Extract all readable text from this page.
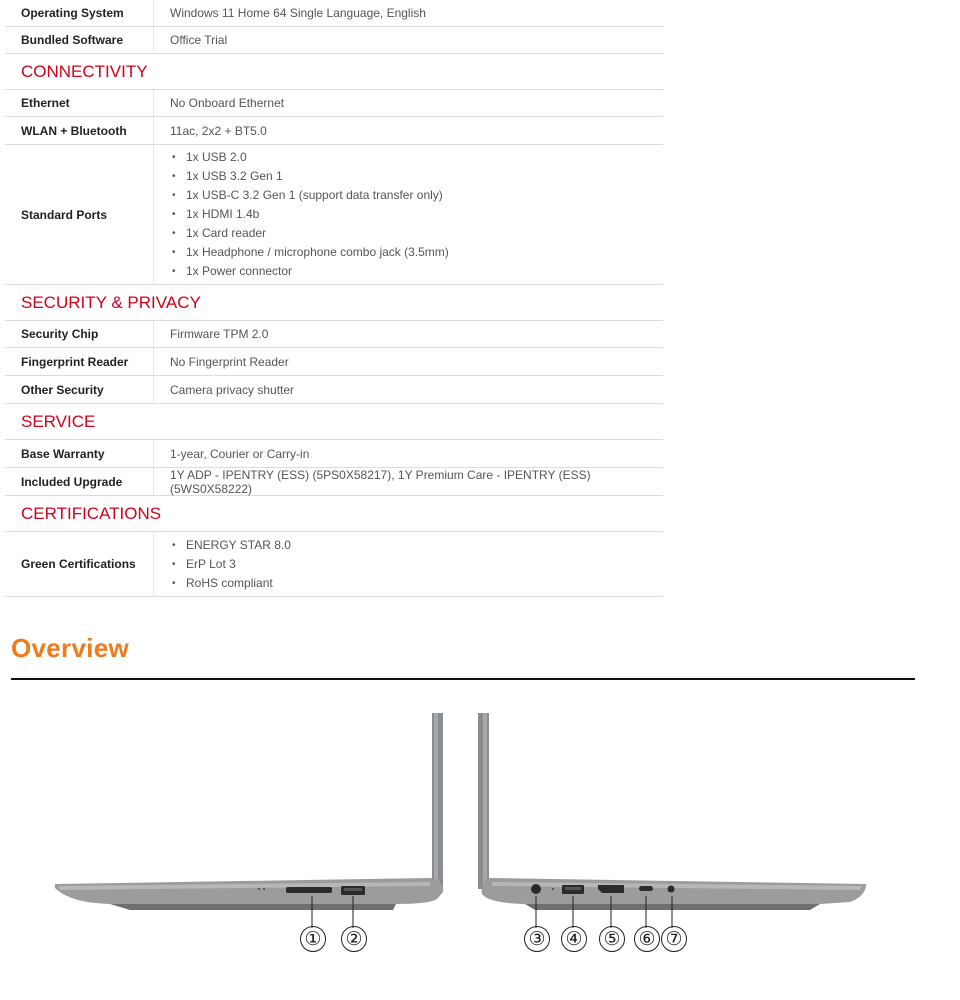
Operating System	Windows 11 Home 64 Single Language, English
Bundled Software	Office Trial
CONNECTIVITY
Ethernet	No Onboard Ethernet
WLAN + Bluetooth	11ac, 2x2 + BT5.0
Standard Ports
• 1x USB 2.0
• 1x USB 3.2 Gen 1
• 1x USB-C 3.2 Gen 1 (support data transfer only)
• 1x HDMI 1.4b
• 1x Card reader
• 1x Headphone / microphone combo jack (3.5mm)
• 1x Power connector
SECURITY & PRIVACY
Security Chip	Firmware TPM 2.0
Fingerprint Reader	No Fingerprint Reader
Other Security	Camera privacy shutter
SERVICE
Base Warranty	1-year, Courier or Carry-in
Included Upgrade	1Y ADP - IPENTRY (ESS) (5PS0X58217), 1Y Premium Care - IPENTRY (ESS) (5WS0X58222)
CERTIFICATIONS
Green Certifications
• ENERGY STAR 8.0
• ErP Lot 3
• RoHS compliant
Overview
① ②	③ ④ ⑤ ⑥ ⑦
